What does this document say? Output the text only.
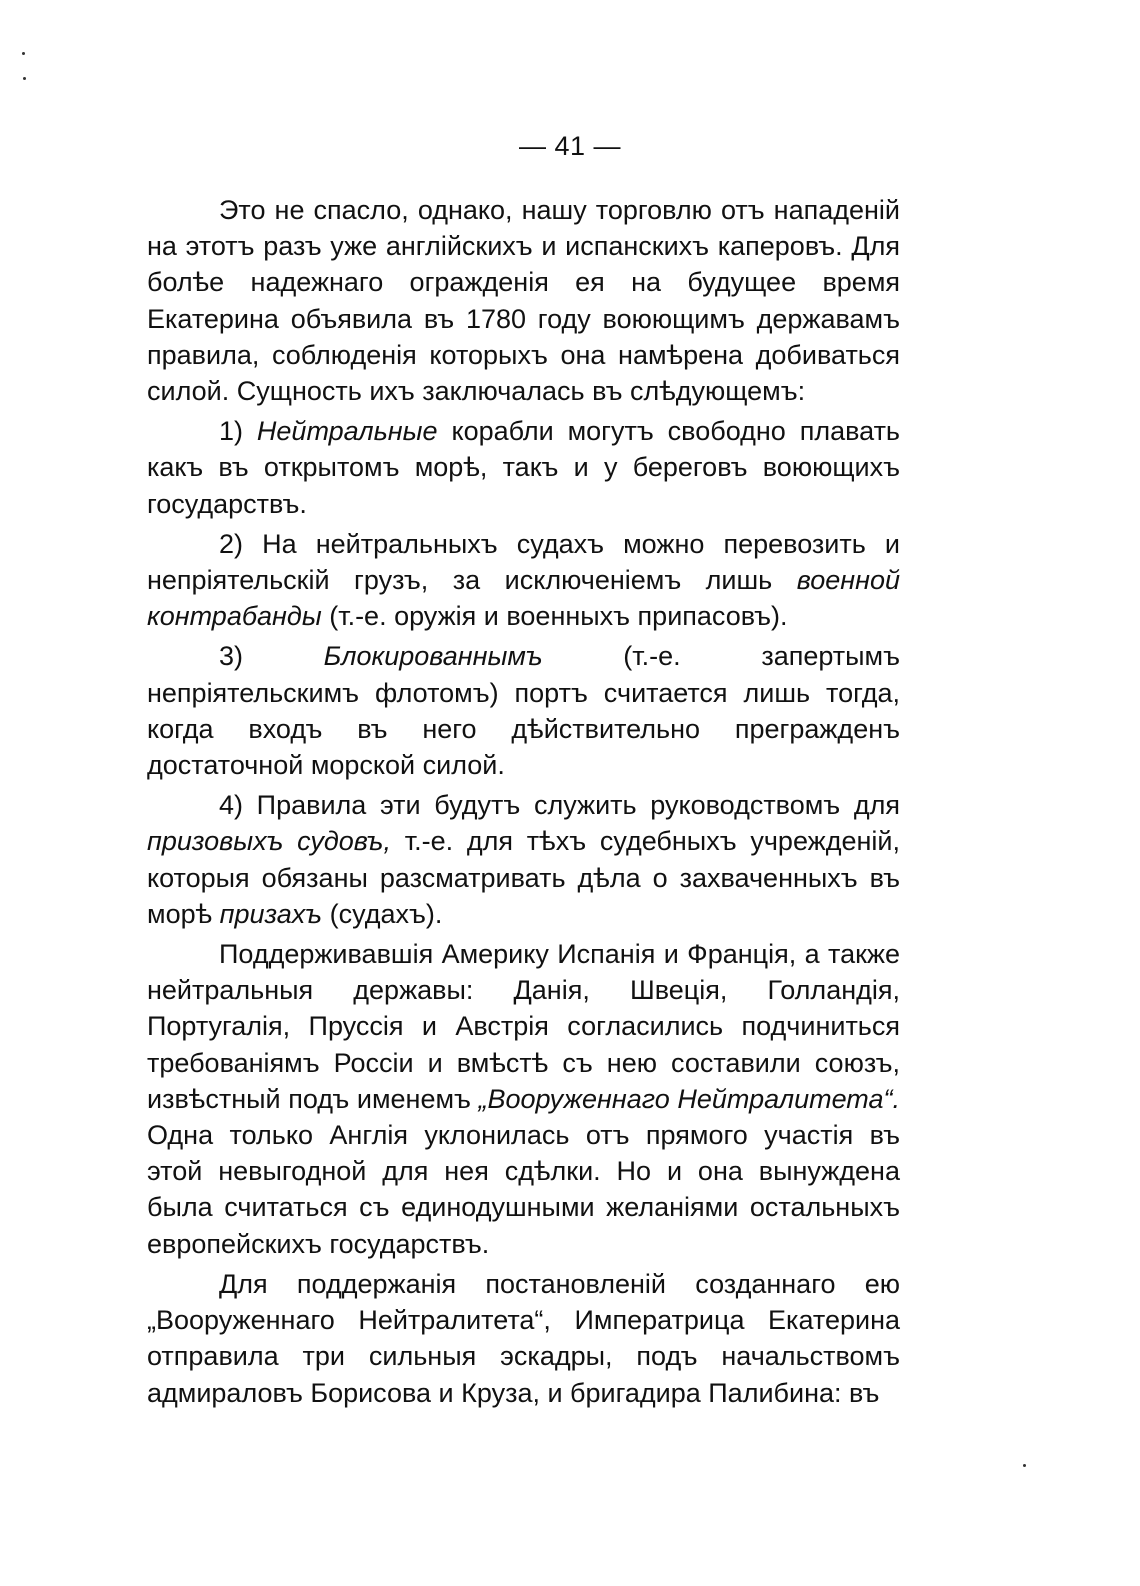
— 41 —

Это не спасло, однако, нашу торговлю отъ нападеній на этотъ разъ уже англійскихъ и испанскихъ каперовъ. Для болѣе надежнаго огражденія ея на будущее время Екатерина объявила въ 1780 году воюющимъ державамъ правила, соблюденія которыхъ она намѣрена добиваться силой. Сущность ихъ заключалась въ слѣдующемъ:

1) Нейтральные корабли могутъ свободно плавать какъ въ открытомъ морѣ, такъ и у береговъ воюющихъ государствъ.

2) На нейтральныхъ судахъ можно перевозить и непріятельскій грузъ, за исключеніемъ лишь военной контрабанды (т.-е. оружія и военныхъ припасовъ).

3) Блокированнымъ (т.-е. запертымъ непріятельскимъ флотомъ) портъ считается лишь тогда, когда входъ въ него дѣйствительно прегражденъ достаточной морской силой.

4) Правила эти будутъ служить руководствомъ для призовыхъ судовъ, т.-е. для тѣхъ судебныхъ учрежденій, которыя обязаны разсматривать дѣла о захваченныхъ въ морѣ призахъ (судахъ).

Поддерживавшія Америку Испанія и Франція, а также нейтральныя державы: Данія, Швеція, Голландія, Португалія, Пруссія и Австрія согласились подчиниться требованіямъ Россіи и вмѣстѣ съ нею составили союзъ, извѣстный подъ именемъ „Вооруженнаго Нейтралитета“. Одна только Англія уклонилась отъ прямого участія въ этой невыгодной для нея сдѣлки. Но и она вынуждена была считаться съ единодушными желаніями остальныхъ европейскихъ государствъ.

Для поддержанія постановленій созданнаго ею „Вооруженнаго Нейтралитета“, Императрица Екатерина отправила три сильныя эскадры, подъ начальствомъ адмираловъ Борисова и Круза, и бригадира Палибина: въ
